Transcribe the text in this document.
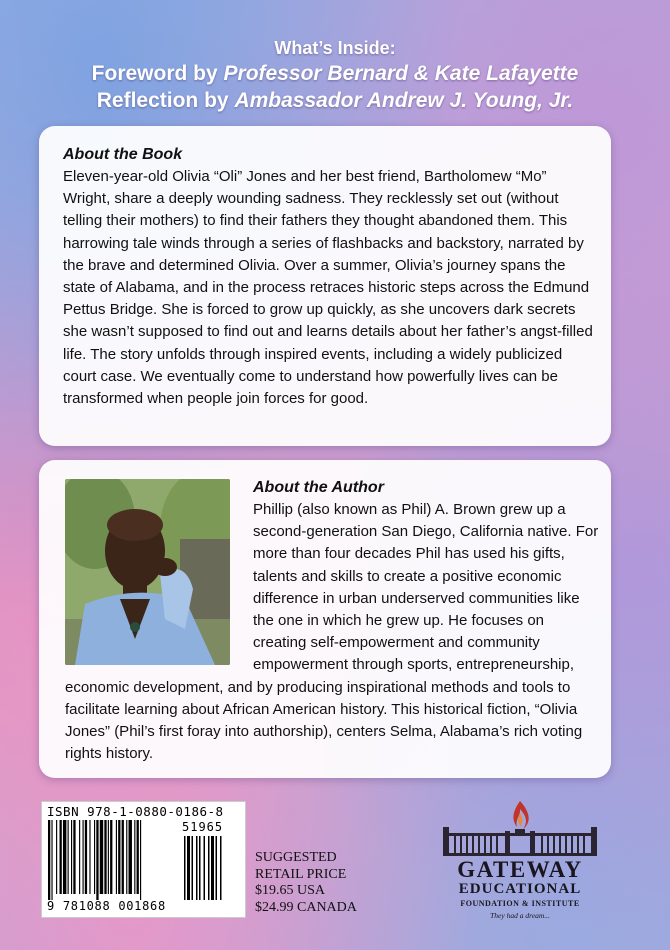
What’s Inside:
Foreword by Professor Bernard & Kate Lafayette
Reflection by Ambassador Andrew J. Young, Jr.
About the Book
Eleven-year-old Olivia “Oli” Jones and her best friend, Bartholomew “Mo” Wright, share a deeply wounding sadness. They recklessly set out (without telling their mothers) to find their fathers they thought abandoned them. This harrowing tale winds through a series of flashbacks and backstory, narrated by the brave and determined Olivia. Over a summer, Olivia’s journey spans the state of Alabama, and in the process retraces historic steps across the Edmund Pettus Bridge. She is forced to grow up quickly, as she uncovers dark secrets she wasn’t supposed to find out and learns details about her father’s angst-filled life. The story unfolds through inspired events, including a widely publicized court case. We eventually come to understand how powerfully lives can be transformed when people join forces for good.
About the Author
Phillip (also known as Phil) A. Brown grew up a second-generation San Diego, California native. For more than four decades Phil has used his gifts, talents and skills to create a positive economic difference in urban underserved communities like the one in which he grew up. He focuses on creating self-empowerment and community empowerment through sports, entrepreneurship, economic development, and by producing inspirational methods and tools to facilitate learning about African American history. This historical fiction, “Olivia Jones” (Phil’s first foray into authorship), centers Selma, Alabama’s rich voting rights history.
ISBN 978-1-0880-0186-8
51965
9 781088 001868
SUGGESTED
RETAIL PRICE
$19.65 USA
$24.99 CANADA
GATEWAY
EDUCATIONAL
FOUNDATION & INSTITUTE
They had a dream...
